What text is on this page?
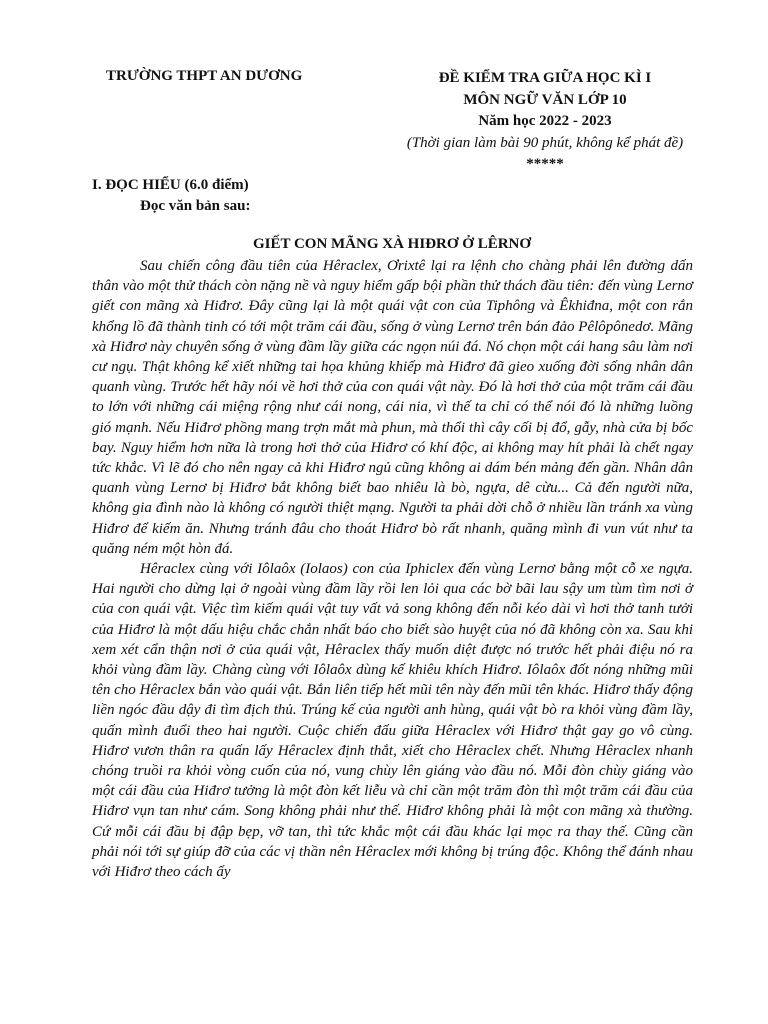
TRƯỜNG THPT AN DƯƠNG	ĐỀ KIỂM TRA GIỮA HỌC KÌ I
MÔN NGỮ VĂN LỚP 10
Năm học 2022 - 2023
(Thời gian làm bài 90 phút, không kể phát đề)
*****
I. ĐỌC HIỂU (6.0 điểm)
Đọc văn bản sau:
GIẾT CON MÃNG XÀ HIĐRƠ Ở LÊRNƠ

Sau chiến công đầu tiên của Hêraclex, Ơrixtê lại ra lệnh cho chàng phải lên đường dấn thân vào một thử thách còn nặng nề và nguy hiểm gấp bội phần thử thách đầu tiên: đến vùng Lernơ giết con mãng xà Hiđrơ. Đây cũng lại là một quái vật con của Tiphông và Êkhiđna, một con rắn khổng lồ đã thành tinh có tới một trăm cái đầu, sống ở vùng Lernơ trên bán đảo Pêlôpônedơ. Mãng xà Hiđrơ này chuyên sống ở vùng đầm lầy giữa các ngọn núi đá. Nó chọn một cái hang sâu làm nơi cư ngụ. Thật không kể xiết những tai họa khủng khiếp mà Hiđrơ đã gieo xuống đời sống nhân dân quanh vùng. Trước hết hãy nói về hơi thở của con quái vật này. Đó là hơi thở của một trăm cái đầu to lớn với những cái miệng rộng như cái nong, cái nia, vì thế ta chỉ có thể nói đó là những luồng gió mạnh. Nếu Hiđrơ phồng mang trợn mắt mà phun, mà thổi thì cây cối bị đổ, gẫy, nhà cửa bị bốc bay. Nguy hiểm hơn nữa là trong hơi thở của Hiđrơ có khí độc, ai không may hít phải là chết ngay tức khắc. Vì lẽ đó cho nên ngay cả khi Hiđrơ ngủ cũng không ai dám bén mảng đến gần. Nhân dân quanh vùng Lernơ bị Hiđrơ bắt không biết bao nhiêu là bò, ngựa, dê cừu... Cả đến người nữa, không gia đình nào là không có người thiệt mạng. Người ta phải dời chỗ ở nhiều lần tránh xa vùng Hiđrơ để kiếm ăn. Nhưng tránh đâu cho thoát Hiđrơ bò rất nhanh, quăng mình đi vun vút như ta quăng ném một hòn đá.

Hêraclex cùng với Iôlaôx (Iolaos) con của Iphiclex đến vùng Lernơ bằng một cỗ xe ngựa. Hai người cho dừng lại ở ngoài vùng đầm lầy rồi len lỏi qua các bờ bãi lau sậy um tùm tìm nơi ở của con quái vật. Việc tìm kiếm quái vật tuy vất vả song không đến nỗi kéo dài vì hơi thở tanh tưởi của Hiđrơ là một dấu hiệu chắc chắn nhất báo cho biết sào huyệt của nó đã không còn xa. Sau khi xem xét cẩn thận nơi ở của quái vật, Hêraclex thấy muốn diệt được nó trước hết phải điệu nó ra khỏi vùng đầm lầy. Chàng cùng với Iôlaôx dùng kế khiêu khích Hiđrơ. Iôlaôx đốt nóng những mũi tên cho Hêraclex bắn vào quái vật. Bắn liên tiếp hết mũi tên này đến mũi tên khác. Hiđrơ thấy động liền ngóc đầu dậy đi tìm địch thủ. Trúng kế của người anh hùng, quái vật bò ra khỏi vùng đầm lầy, quấn mình đuổi theo hai người. Cuộc chiến đấu giữa Hêraclex với Hiđrơ thật gay go vô cùng. Hiđrơ vươn thân ra quấn lấy Hêraclex định thắt, xiết cho Hêraclex chết. Nhưng Hêraclex nhanh chóng truồi ra khỏi vòng cuốn của nó, vung chùy lên giáng vào đầu nó. Mỗi đòn chùy giáng vào một cái đầu của Hiđrơ tưởng là một đòn kết liễu và chỉ cần một trăm đòn thì một trăm cái đầu của Hiđrơ vụn tan như cám. Song không phải như thế. Hiđrơ không phải là một con mãng xà thường. Cứ mỗi cái đầu bị đập bẹp, vỡ tan, thì tức khắc một cái đầu khác lại mọc ra thay thế. Cũng cần phải nói tới sự giúp đỡ của các vị thần nên Hêraclex mới không bị trúng độc. Không thể đánh nhau với Hiđrơ theo cách ấy
